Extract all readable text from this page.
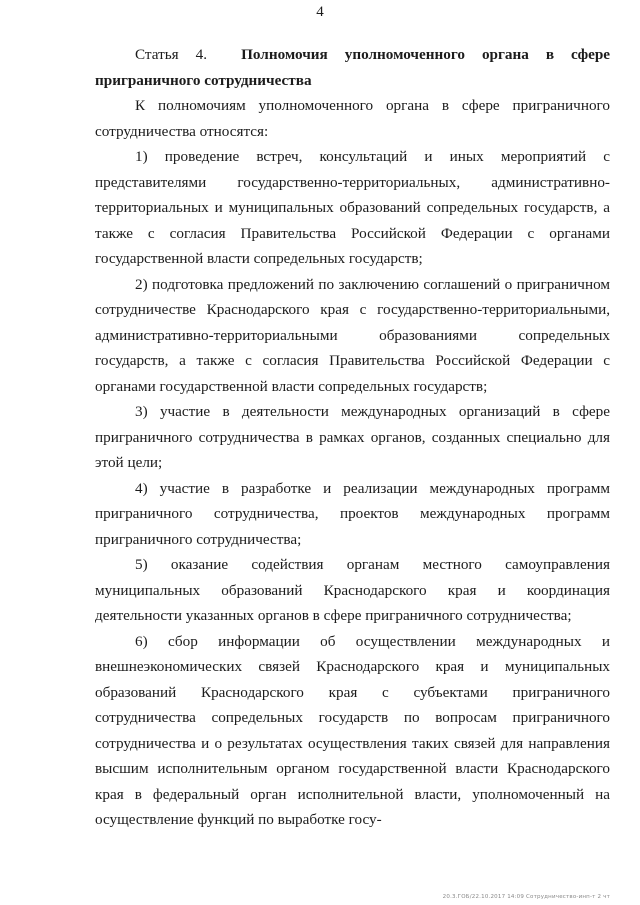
4

Статья 4. Полномочия уполномоченного органа в сфере приграничного сотрудничества

К полномочиям уполномоченного органа в сфере приграничного сотрудничества относятся:

1) проведение встреч, консультаций и иных мероприятий с представителями государственно-территориальных, административно-территориальных и муниципальных образований сопредельных государств, а также с согласия Правительства Российской Федерации с органами государственной власти сопредельных государств;

2) подготовка предложений по заключению соглашений о приграничном сотрудничестве Краснодарского края с государственно-территориальными, административно-территориальными образованиями сопредельных государств, а также с согласия Правительства Российской Федерации с органами государственной власти сопредельных государств;

3) участие в деятельности международных организаций в сфере приграничного сотрудничества в рамках органов, созданных специально для этой цели;

4) участие в разработке и реализации международных программ приграничного сотрудничества, проектов международных программ приграничного сотрудничества;

5) оказание содействия органам местного самоуправления муниципальных образований Краснодарского края и координация деятельности указанных органов в сфере приграничного сотрудничества;

6) сбор информации об осуществлении международных и внешнеэкономических связей Краснодарского края и муниципальных образований Краснодарского края с субъектами приграничного сотрудничества сопредельных государств по вопросам приграничного сотрудничества и о результатах осуществления таких связей для направления высшим исполнительным органом государственной власти Краснодарского края в федеральный орган исполнительной власти, уполномоченный на осуществление функций по выработке госу-

20.3.ГОБ/22.10.2017 14:09 Сотрудничество-инп-т 2 чт
